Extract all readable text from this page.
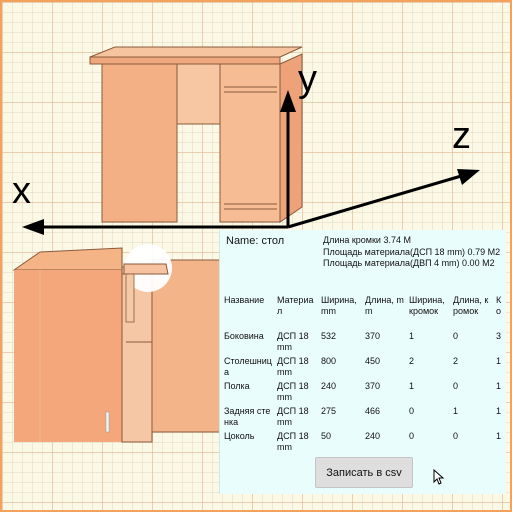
x
y
z
Name: стол	Длина кромки 3.74 M
Площадь материала(ДСП 18 mm) 0.79 M2
Площадь материала(ДВП 4 mm) 0.00 M2
Название	Материал	Ширина, mm	Длина, mm	Ширина, кромок	Длина, кромок	Ко
Боковина	ДСП 18 mm	532	370	1	0	3
Столешница	ДСП 18 mm	800	450	2	2	1
Полка	ДСП 18 mm	240	370	1	0	1
Задняя стенка	ДСП 18 mm	275	466	0	1	1
Цоколь	ДСП 18 mm	50	240	0	0	1
Записать в csv
